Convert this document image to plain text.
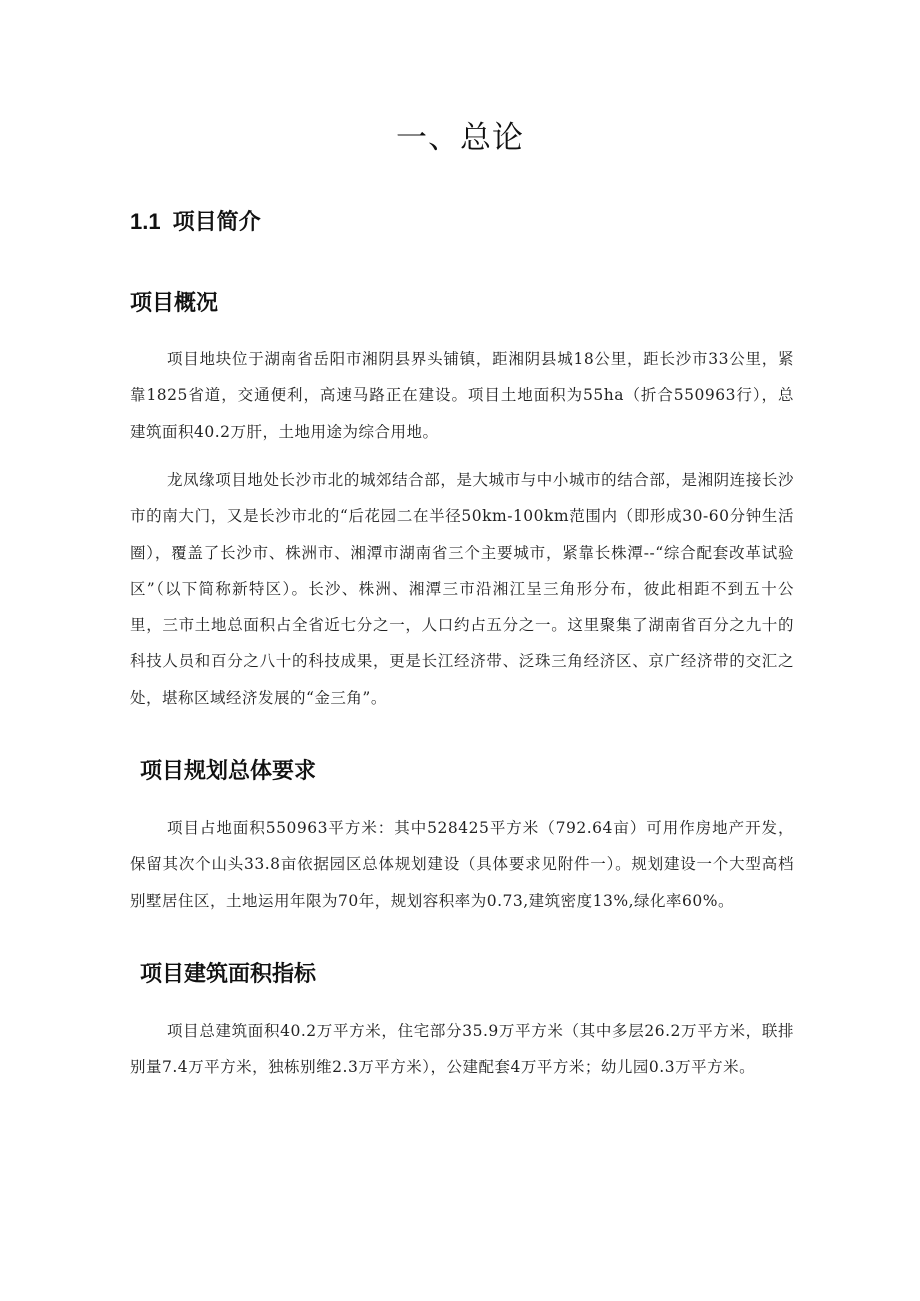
一、总论
1.1 项目简介
项目概况

项目地块位于湖南省岳阳市湘阴县界头铺镇，距湘阴县城18公里，距长沙市33公里，紧靠1825省道，交通便利，高速马路正在建设。项目土地面积为55ha（折合550963行），总建筑面积40.2万肝，土地用途为综合用地。

龙凤缘项目地处长沙市北的城郊结合部，是大城市与中小城市的结合部，是湘阴连接长沙市的南大门，又是长沙市北的“后花园二在半径50km-100km范围内（即形成30-60分钟生活圈），覆盖了长沙市、株洲市、湘潭市湖南省三个主要城市，紧靠长株潭--“综合配套改革试验区”（以下简称新特区）。长沙、株洲、湘潭三市沿湘江呈三角形分布，彼此相距不到五十公里，三市土地总面积占全省近七分之一，人口约占五分之一。这里聚集了湖南省百分之九十的科技人员和百分之八十的科技成果，更是长江经济带、泛珠三角经济区、京广经济带的交汇之处，堪称区域经济发展的“金三角”。

项目规划总体要求

项目占地面积550963平方米：其中528425平方米（792.64亩）可用作房地产开发，保留其次个山头33.8亩依据园区总体规划建设（具体要求见附件一）。规划建设一个大型高档别墅居住区，土地运用年限为70年，规划容积率为0.73,建筑密度13%,绿化率60%。

项目建筑面积指标

项目总建筑面积40.2万平方米，住宅部分35.9万平方米（其中多层26.2万平方米，联排别量7.4万平方米，独栋别维2.3万平方米），公建配套4万平方米；幼儿园0.3万平方米。
